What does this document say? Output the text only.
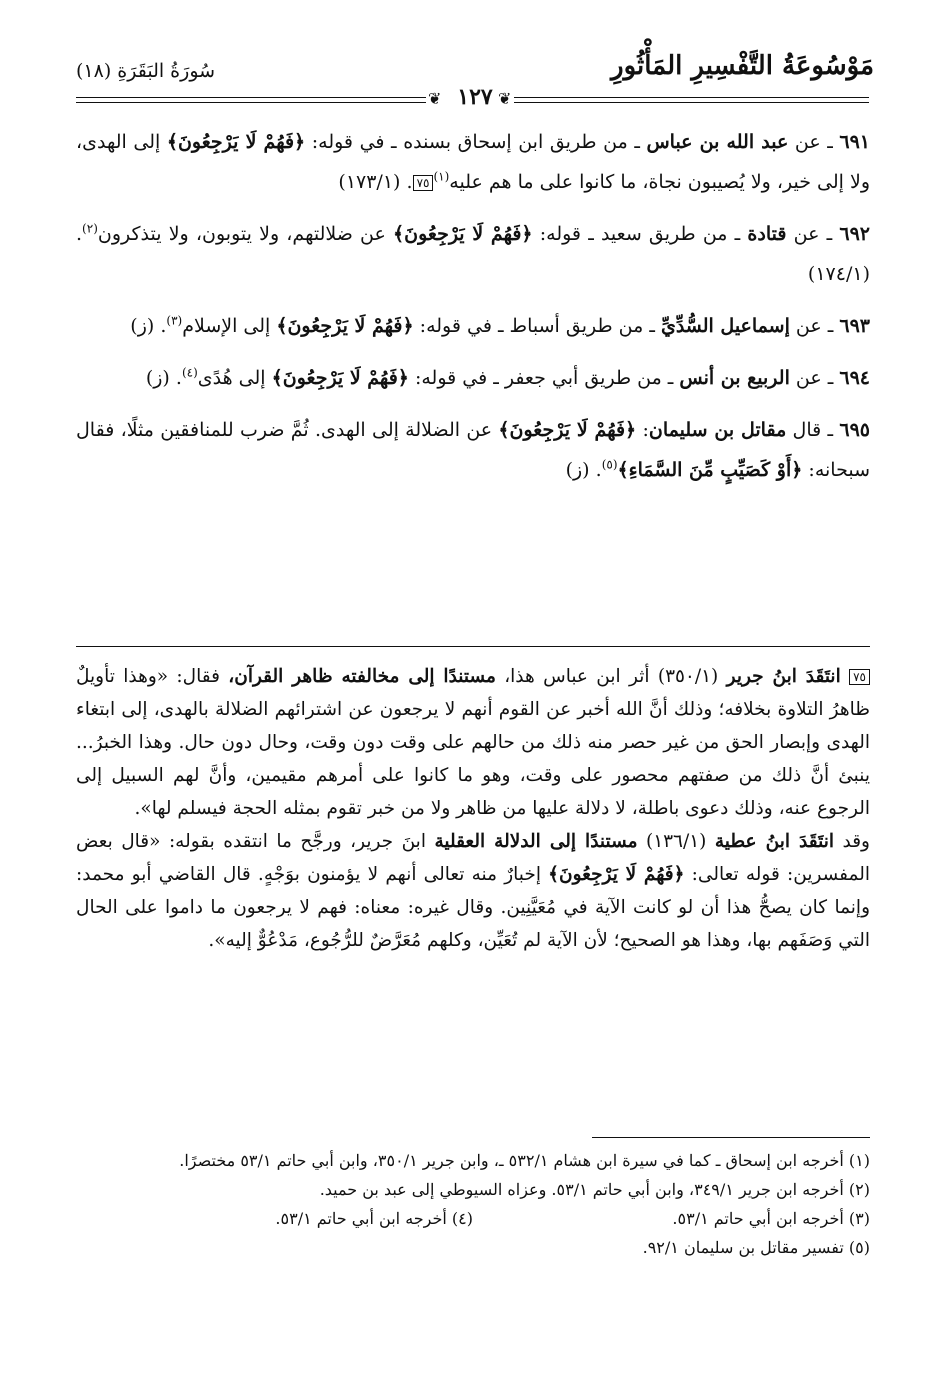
سُورَةُ البَقَرَةِ (١٨)	مَوْسُوعَةُ التَّفْسِيرِ المَأْثُورِ
❦ ١٢٧ ❦

٦٩١ ـ عن عبد الله بن عباس ـ من طريق ابن إسحاق بسنده ـ في قوله: ﴿فَهُمْ لَا يَرْجِعُونَ﴾ إلى الهدى، ولا إلى خير، ولا يُصيبون نجاة، ما كانوا على ما هم عليه$^{(١)}$٧٥. (١٧٣/١)

٦٩٢ ـ عن قتادة ـ من طريق سعيد ـ قوله: ﴿فَهُمْ لَا يَرْجِعُونَ﴾ عن ضلالتهم، ولا يتوبون، ولا يتذكرون$^{(٢)}$. (١٧٤/١)

٦٩٣ ـ عن إسماعيل السُّدِّيِّ ـ من طريق أسباط ـ في قوله: ﴿فَهُمْ لَا يَرْجِعُونَ﴾ إلى الإسلام$^{(٣)}$. (ز)

٦٩٤ ـ عن الربيع بن أنس ـ من طريق أبي جعفر ـ في قوله: ﴿فَهُمْ لَا يَرْجِعُونَ﴾ إلى هُدًى$^{(٤)}$. (ز)

٦٩٥ ـ قال مقاتل بن سليمان: ﴿فَهُمْ لَا يَرْجِعُونَ﴾ عن الضلالة إلى الهدى. ثُمَّ ضرب للمنافقين مثلًا، فقال سبحانه: ﴿أَوْ كَصَيِّبٍ مِّنَ السَّمَاءِ﴾$^{(٥)}$. (ز)

٧٥ انتَقَدَ ابنُ جرير (٣٥٠/١) أثر ابن عباس هذا، مستندًا إلى مخالفته ظاهر القرآن، فقال: «وهذا تأويلٌ ظاهرُ التلاوة بخلافه؛ وذلك أنَّ الله أخبر عن القوم أنهم لا يرجعون عن اشترائهم الضلالة بالهدى، إلى ابتغاء الهدى وإبصار الحق من غير حصر منه ذلك من حالهم على وقت دون وقت، وحال دون حال. وهذا الخبرُ... ينبئ أنَّ ذلك من صفتهم محصور على وقت، وهو ما كانوا على أمرهم مقيمين، وأنَّ لهم السبيل إلى الرجوع عنه، وذلك دعوى باطلة، لا دلالة عليها من ظاهر ولا من خبر تقوم بمثله الحجة فيسلم لها».

وقد انتَقَدَ ابنُ عطية (١٣٦/١) مستندًا إلى الدلالة العقلية ابنَ جرير، ورجَّح ما انتقده بقوله: «قال بعض المفسرين: قوله تعالى: ﴿فَهُمْ لَا يَرْجِعُونَ﴾ إخبارٌ منه تعالى أنهم لا يؤمنون بوَجْهٍ. قال القاضي أبو محمد: وإنما كان يصحُّ هذا أن لو كانت الآية في مُعَيَّنِين. وقال غيره: معناه: فهم لا يرجعون ما داموا على الحال التي وَصَفَهم بها، وهذا هو الصحيح؛ لأن الآية لم تُعَيِّن، وكلهم مُعَرَّضٌ للرُّجُوع، مَدْعُوٌّ إليه».

(١) أخرجه ابن إسحاق ـ كما في سيرة ابن هشام ٥٣٢/١ ـ، وابن جرير ٣٥٠/١، وابن أبي حاتم ٥٣/١ مختصرًا.

(٢) أخرجه ابن جرير ٣٤٩/١، وابن أبي حاتم ٥٣/١. وعزاه السيوطي إلى عبد بن حميد.

(٣) أخرجه ابن أبي حاتم ٥٣/١.

(٤) أخرجه ابن أبي حاتم ٥٣/١.

(٥) تفسير مقاتل بن سليمان ٩٢/١.
